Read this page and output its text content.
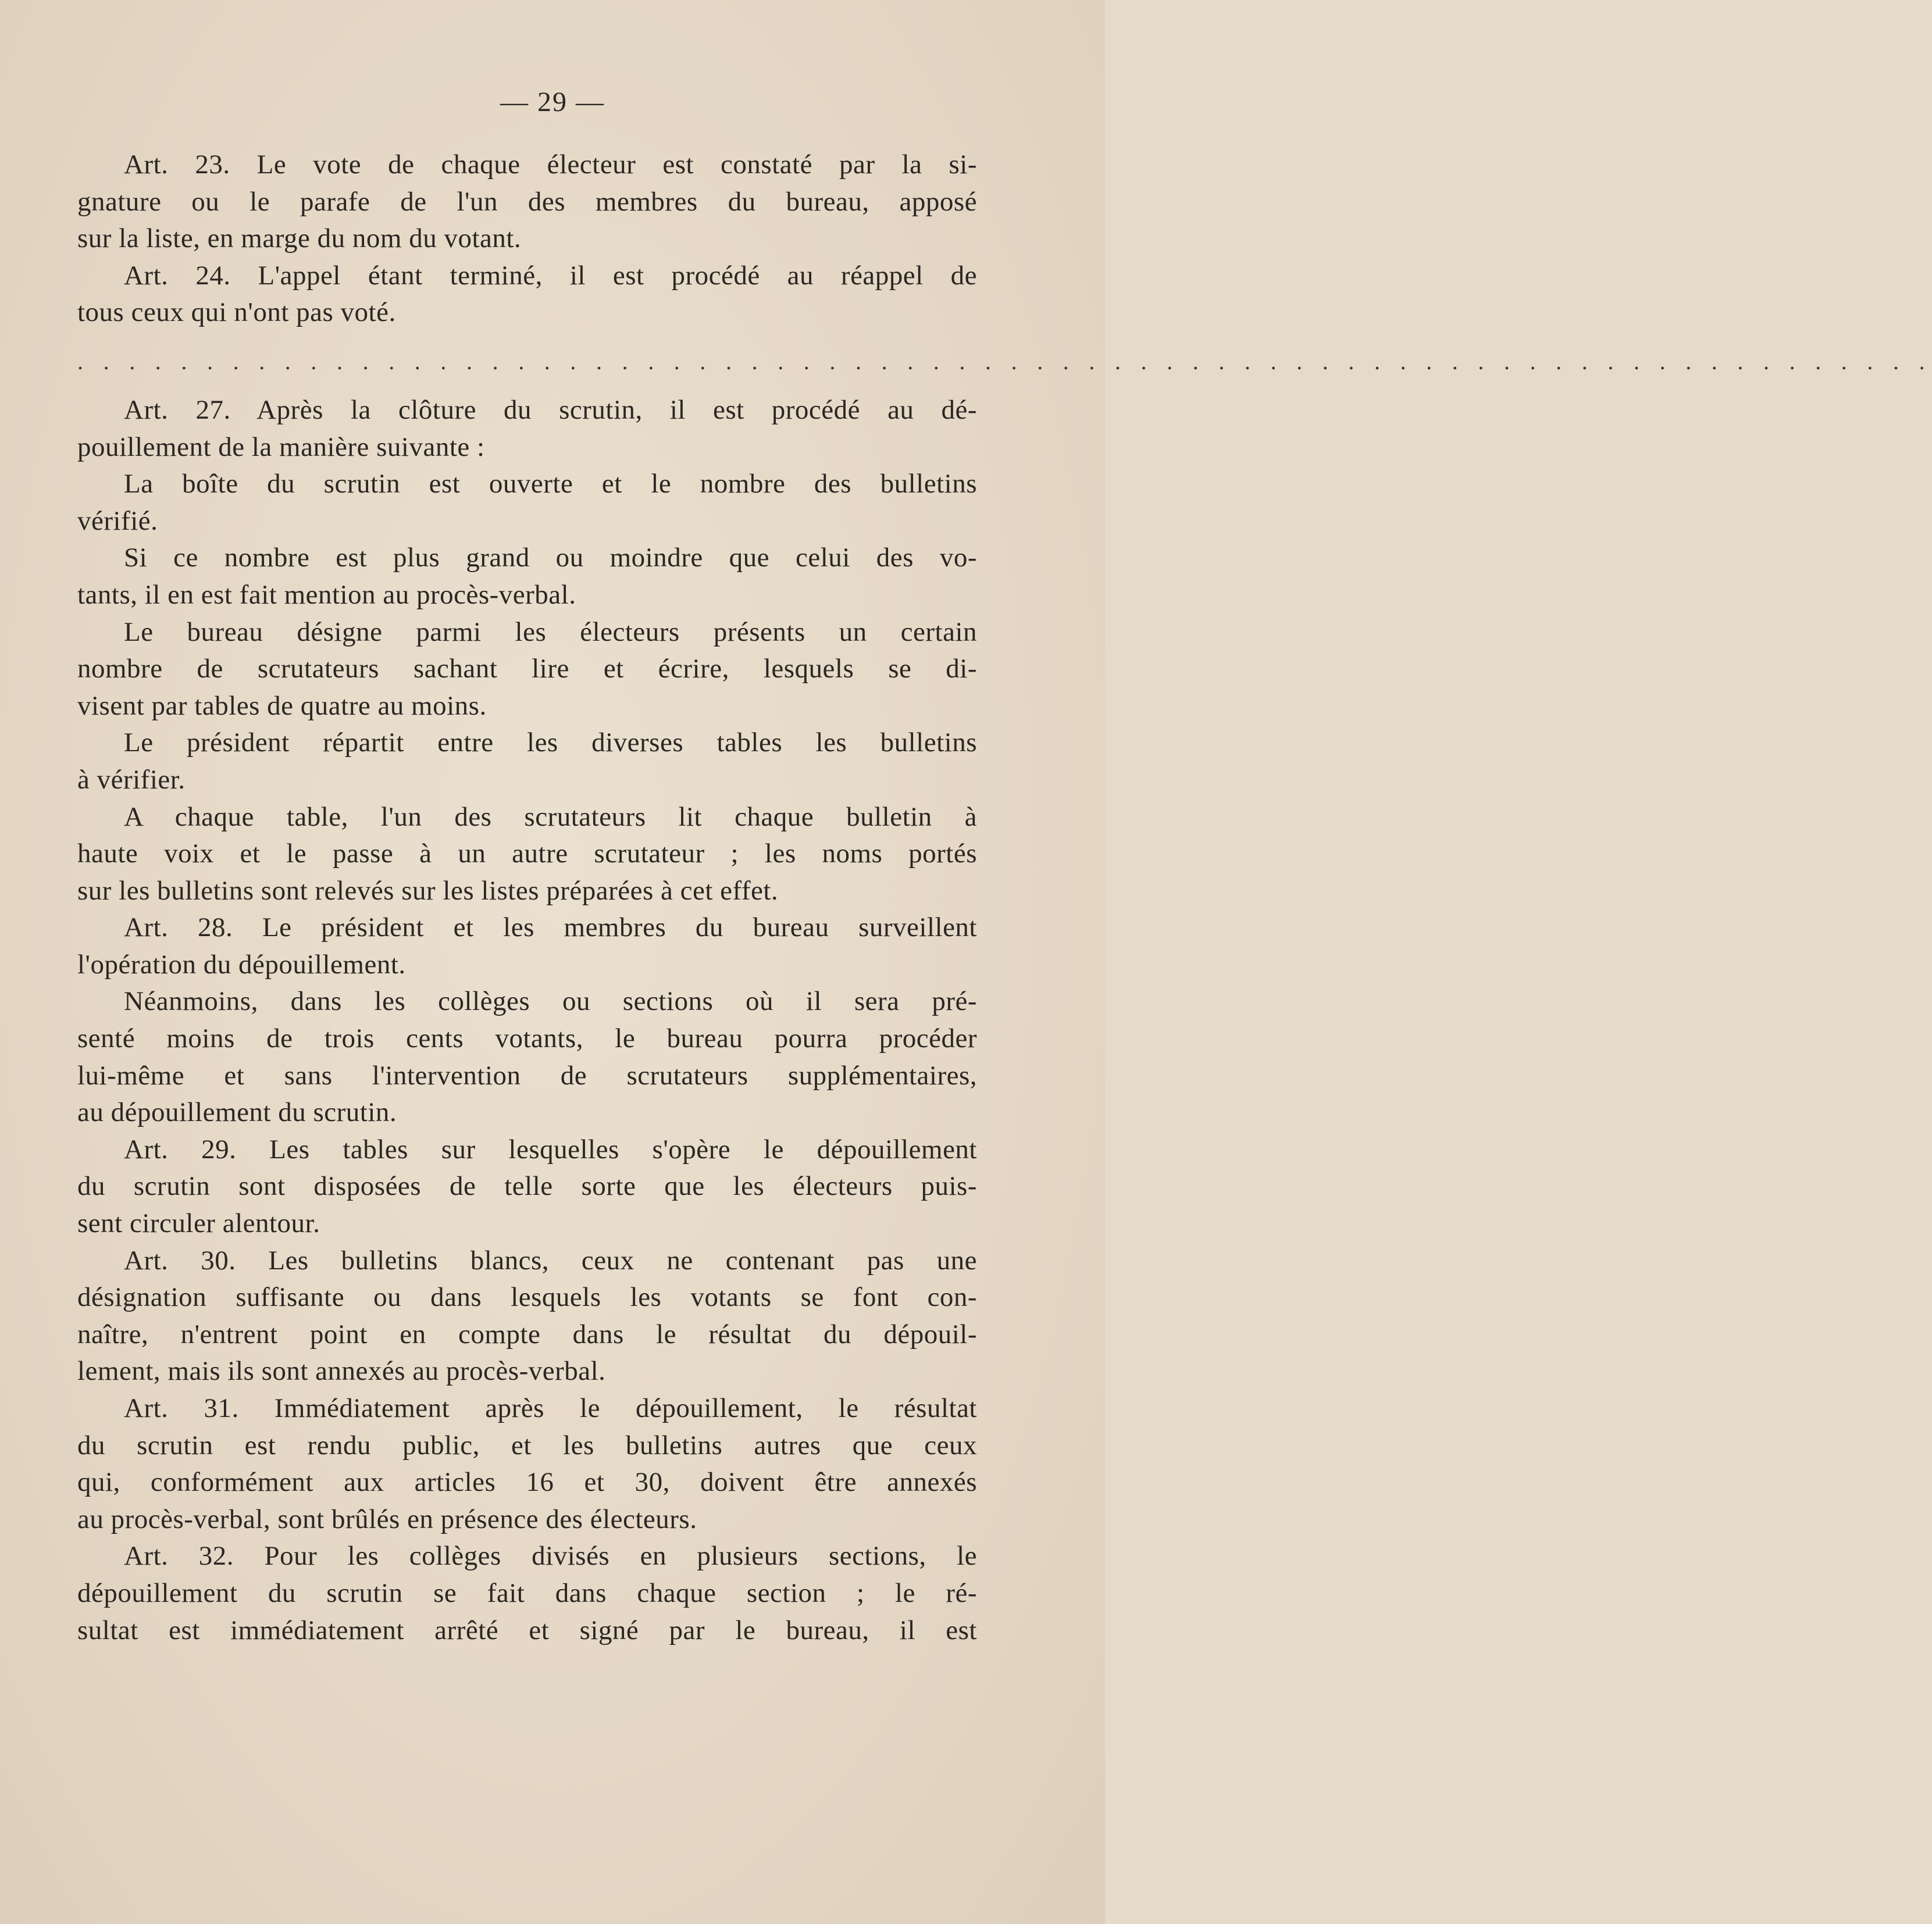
— 29 —

Art. 23. Le vote de chaque électeur est constaté par la si-
gnature ou le parafe de l'un des membres du bureau, apposé
sur la liste, en marge du nom du votant.

Art. 24. L'appel étant terminé, il est procédé au réappel de
tous ceux qui n'ont pas voté.

. . . . . . . . . . . . . . . . . . . . . . . . . . . . . . . . . . . . . . . . . . . . . . . . . . . . . . . . . . . . . . . . . . . . . . . .

Art. 27. Après la clôture du scrutin, il est procédé au dé-
pouillement de la manière suivante :

La boîte du scrutin est ouverte et le nombre des bulletins
vérifié.

Si ce nombre est plus grand ou moindre que celui des vo-
tants, il en est fait mention au procès-verbal.

Le bureau désigne parmi les électeurs présents un certain
nombre de scrutateurs sachant lire et écrire, lesquels se di-
visent par tables de quatre au moins.

Le président répartit entre les diverses tables les bulletins
à vérifier.

A chaque table, l'un des scrutateurs lit chaque bulletin à
haute voix et le passe à un autre scrutateur ; les noms portés
sur les bulletins sont relevés sur les listes préparées à cet effet.

Art. 28. Le président et les membres du bureau surveillent
l'opération du dépouillement.

Néanmoins, dans les collèges ou sections où il sera pré-
senté moins de trois cents votants, le bureau pourra procéder
lui-même et sans l'intervention de scrutateurs supplémentaires,
au dépouillement du scrutin.

Art. 29. Les tables sur lesquelles s'opère le dépouillement
du scrutin sont disposées de telle sorte que les électeurs puis-
sent circuler alentour.

Art. 30. Les bulletins blancs, ceux ne contenant pas une
désignation suffisante ou dans lesquels les votants se font con-
naître, n'entrent point en compte dans le résultat du dépouil-
lement, mais ils sont annexés au procès-verbal.

Art. 31. Immédiatement après le dépouillement, le résultat
du scrutin est rendu public, et les bulletins autres que ceux
qui, conformément aux articles 16 et 30, doivent être annexés
au procès-verbal, sont brûlés en présence des électeurs.

Art. 32. Pour les collèges divisés en plusieurs sections, le
dépouillement du scrutin se fait dans chaque section ; le ré-
sultat est immédiatement arrêté et signé par le bureau, il est
